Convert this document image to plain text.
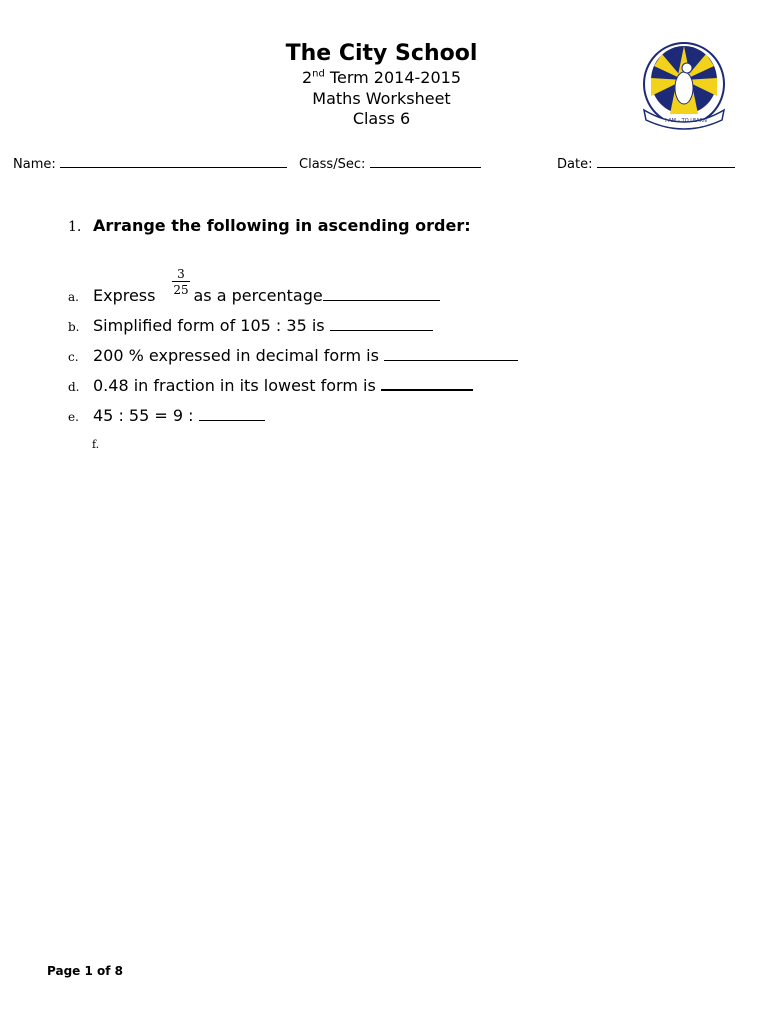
The City School
2nd Term 2014-2015
Maths Worksheet
Class 6	I AM – TO LEARN
Name:	Class/Sec:	Date:
1. Arrange the following in ascending order:
$\frac{3}{25}$
a. Express as a percentage
b. Simplified form of 105 : 35 is
c. 200 % expressed in decimal form is
d. 0.48 in fraction in its lowest form is
e. 45 : 55 = 9 :
f.
Page 1 of 8
